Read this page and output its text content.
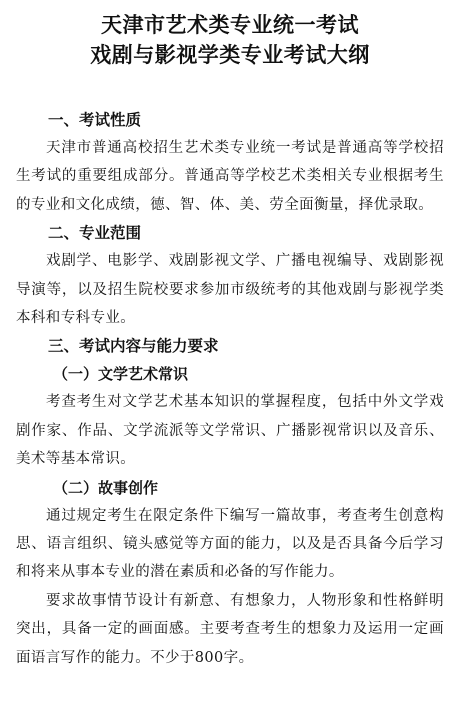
天津市艺术类专业统一考试
戏剧与影视学类专业考试大纲
一、考试性质

天津市普通高校招生艺术类专业统一考试是普通高等学校招生考试的重要组成部分。普通高等学校艺术类相关专业根据考生的专业和文化成绩，德、智、体、美、劳全面衡量，择优录取。

二、专业范围

戏剧学、电影学、戏剧影视文学、广播电视编导、戏剧影视导演等，以及招生院校要求参加市级统考的其他戏剧与影视学类本科和专科专业。

三、考试内容与能力要求
（一）文学艺术常识

考查考生对文学艺术基本知识的掌握程度，包括中外文学戏剧作家、作品、文学流派等文学常识、广播影视常识以及音乐、美术等基本常识。

（二）故事创作

通过规定考生在限定条件下编写一篇故事，考查考生创意构思、语言组织、镜头感觉等方面的能力，以及是否具备今后学习和将来从事本专业的潜在素质和必备的写作能力。

要求故事情节设计有新意、有想象力，人物形象和性格鲜明突出，具备一定的画面感。主要考查考生的想象力及运用一定画面语言写作的能力。不少于800字。
